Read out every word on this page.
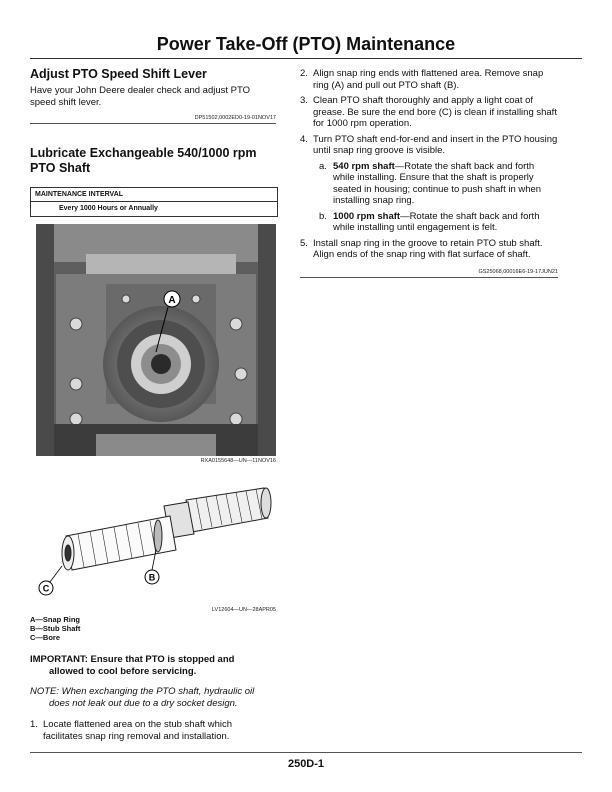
Power Take-Off (PTO) Maintenance
Adjust PTO Speed Shift Lever

Have your John Deere dealer check and adjust PTO speed shift lever.

DP51502,0002ED0-19-01NOV17
Lubricate Exchangeable 540/1000 rpm PTO Shaft
MAINTENANCE INTERVAL
Every 1000 Hours or Annually
A
RXA0155648—UN—11NOV16
C
B
LV12604—UN—28APR05
A—Snap Ring
B—Stub Shaft
C—Bore
IMPORTANT: Ensure that PTO is stopped and
allowed to cool before servicing.
NOTE: When exchanging the PTO shaft, hydraulic oil
does not leak out due to a dry socket design.
1. Locate flattened area on the stub shaft which facilitates snap ring removal and installation.
2. Align snap ring ends with flattened area. Remove snap ring (A) and pull out PTO shaft (B).
3. Clean PTO shaft thoroughly and apply a light coat of grease. Be sure the end bore (C) is clean if installing shaft for 1000 rpm operation.
4. Turn PTO shaft end-for-end and insert in the PTO housing until snap ring groove is visible.
a. 540 rpm shaft—Rotate the shaft back and forth while installing. Ensure that the shaft is properly seated in housing; continue to push shaft in when installing snap ring.
b. 1000 rpm shaft—Rotate the shaft back and forth while installing until engagement is felt.
5. Install snap ring in the groove to retain PTO stub shaft. Align ends of the snap ring with flat surface of shaft.
GS25068,00016E6-19-17JUN21
250D-1
